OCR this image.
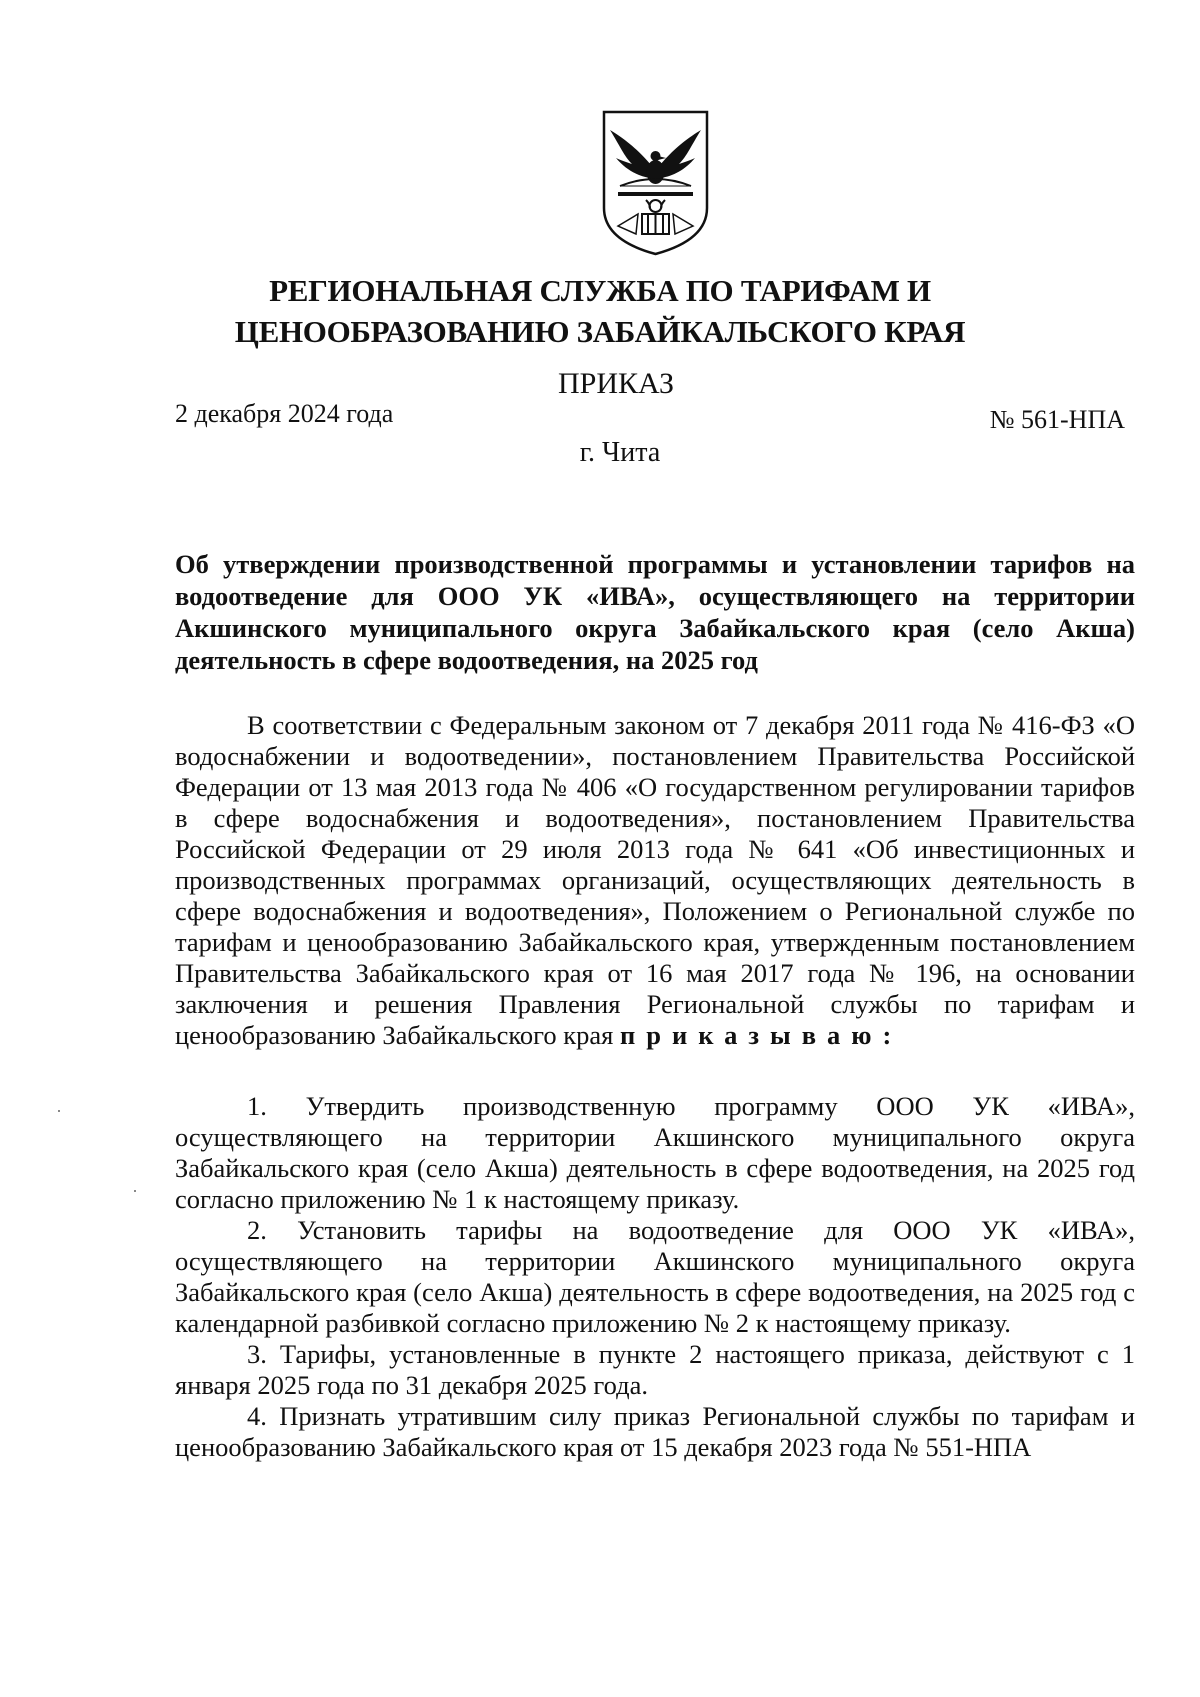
РЕГИОНАЛЬНАЯ СЛУЖБА ПО ТАРИФАМ И
ЦЕНООБРАЗОВАНИЮ ЗАБАЙКАЛЬСКОГО КРАЯ
ПРИКАЗ
2 декабря 2024 года	№ 561-НПА
г. Чита
Об утверждении производственной программы и установлении тарифов на водоотведение для ООО УК «ИВА», осуществляющего на территории Акшинского муниципального округа Забайкальского края (село Акша) деятельность в сфере водоотведения, на 2025 год

В соответствии с Федеральным законом от 7 декабря 2011 года № 416-ФЗ «О водоснабжении и водоотведении», постановлением Правительства Российской Федерации от 13 мая 2013 года № 406 «О государственном регулировании тарифов в сфере водоснабжения и водоотведения», постановлением Правительства Российской Федерации от 29 июля 2013 года № 641 «Об инвестиционных и производственных программах организаций, осуществляющих деятельность в сфере водоснабжения и водоотведения», Положением о Региональной службе по тарифам и ценообразованию Забайкальского края, утвержденным постановлением Правительства Забайкальского края от 16 мая 2017 года № 196, на основании заключения и решения Правления Региональной службы по тарифам и ценообразованию Забайкальского края приказываю:

1. Утвердить производственную программу ООО УК «ИВА», осуществляющего на территории Акшинского муниципального округа Забайкальского края (село Акша) деятельность в сфере водоотведения, на 2025 год согласно приложению № 1 к настоящему приказу.

2. Установить тарифы на водоотведение для ООО УК «ИВА», осуществляющего на территории Акшинского муниципального округа Забайкальского края (село Акша) деятельность в сфере водоотведения, на 2025 год с календарной разбивкой согласно приложению № 2 к настоящему приказу.

3. Тарифы, установленные в пункте 2 настоящего приказа, действуют с 1 января 2025 года по 31 декабря 2025 года.

4. Признать утратившим силу приказ Региональной службы по тарифам и ценообразованию Забайкальского края от 15 декабря 2023 года № 551-НПА
